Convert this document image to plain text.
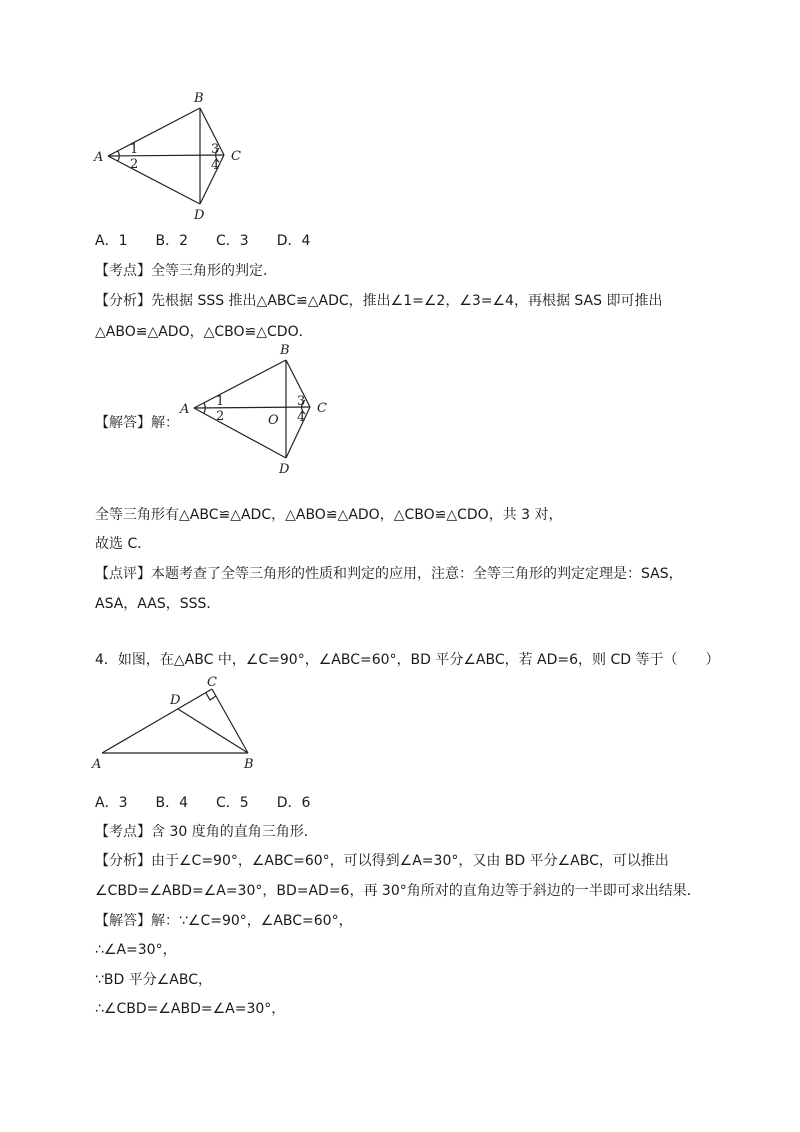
A
B
C
D
1
2
3
4

A．1 B．2 C．3 D．4

【考点】全等三角形的判定．

【分析】先根据 SSS 推出△ABC≌△ADC，推出∠1=∠2，∠3=∠4，再根据 SAS 即可推出

△ABO≌△ADO，△CBO≌△CDO．

【解答】解：

A
B
C
D
O
1
2
3
4

全等三角形有△ABC≌△ADC，△ABO≌△ADO，△CBO≌△CDO，共 3 对，

故选 C．

【点评】本题考查了全等三角形的性质和判定的应用，注意：全等三角形的判定定理是：SAS，

ASA，AAS，SSS．

4．如图，在△ABC 中，∠C=90°，∠ABC=60°，BD 平分∠ABC，若 AD=6，则 CD 等于（　　）

A	B
C
D

A．3 B．4 C．5 D．6

【考点】含 30 度角的直角三角形．

【分析】由于∠C=90°，∠ABC=60°，可以得到∠A=30°，又由 BD 平分∠ABC，可以推出

∠CBD=∠ABD=∠A=30°，BD=AD=6，再 30°角所对的直角边等于斜边的一半即可求出结果．

【解答】解：∵∠C=90°，∠ABC=60°，

∴∠A=30°，

∵BD 平分∠ABC，

∴∠CBD=∠ABD=∠A=30°，
